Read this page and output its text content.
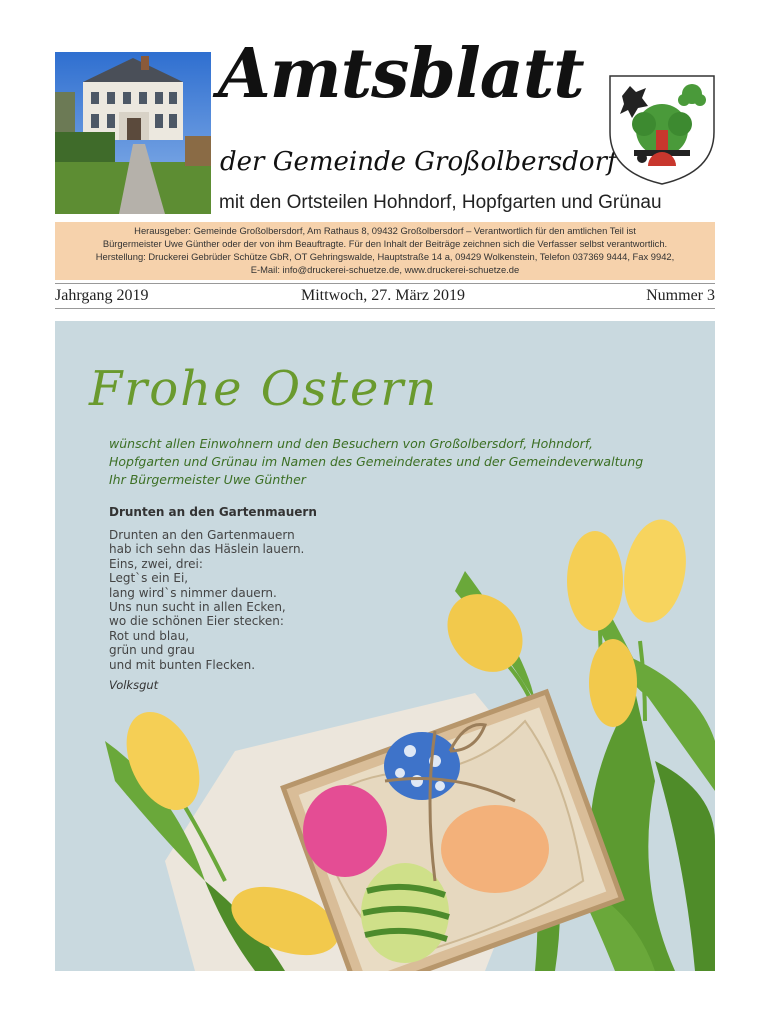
Amtsblatt
der Gemeinde Großolbersdorf
mit den Ortsteilen Hohndorf, Hopfgarten und Grünau
Herausgeber: Gemeinde Großolbersdorf, Am Rathaus 8, 09432 Großolbersdorf – Verantwortlich für den amtlichen Teil ist
Bürgermeister Uwe Günther oder der von ihm Beauftragte. Für den Inhalt der Beiträge zeichnen sich die Verfasser selbst verantwortlich.
Herstellung: Druckerei Gebrüder Schütze GbR, OT Gehringswalde, Hauptstraße 14 a, 09429 Wolkenstein, Telefon 037369 9444, Fax 9942,
E-Mail: info@druckerei-schuetze.de, www.druckerei-schuetze.de
Jahrgang 2019	Mittwoch, 27. März 2019	Nummer 3
Frohe Ostern
wünscht allen Einwohnern und den Besuchern von Großolbersdorf, Hohndorf,
Hopfgarten und Grünau im Namen des Gemeinderates und der Gemeindeverwaltung
Ihr Bürgermeister Uwe Günther
Drunten an den Gartenmauern
Drunten an den Gartenmauern
hab ich sehn das Häslein lauern.
Eins, zwei, drei:
Legt`s ein Ei,
lang wird`s nimmer dauern.
Uns nun sucht in allen Ecken,
wo die schönen Eier stecken:
Rot und blau,
grün und grau
und mit bunten Flecken.
Volksgut
